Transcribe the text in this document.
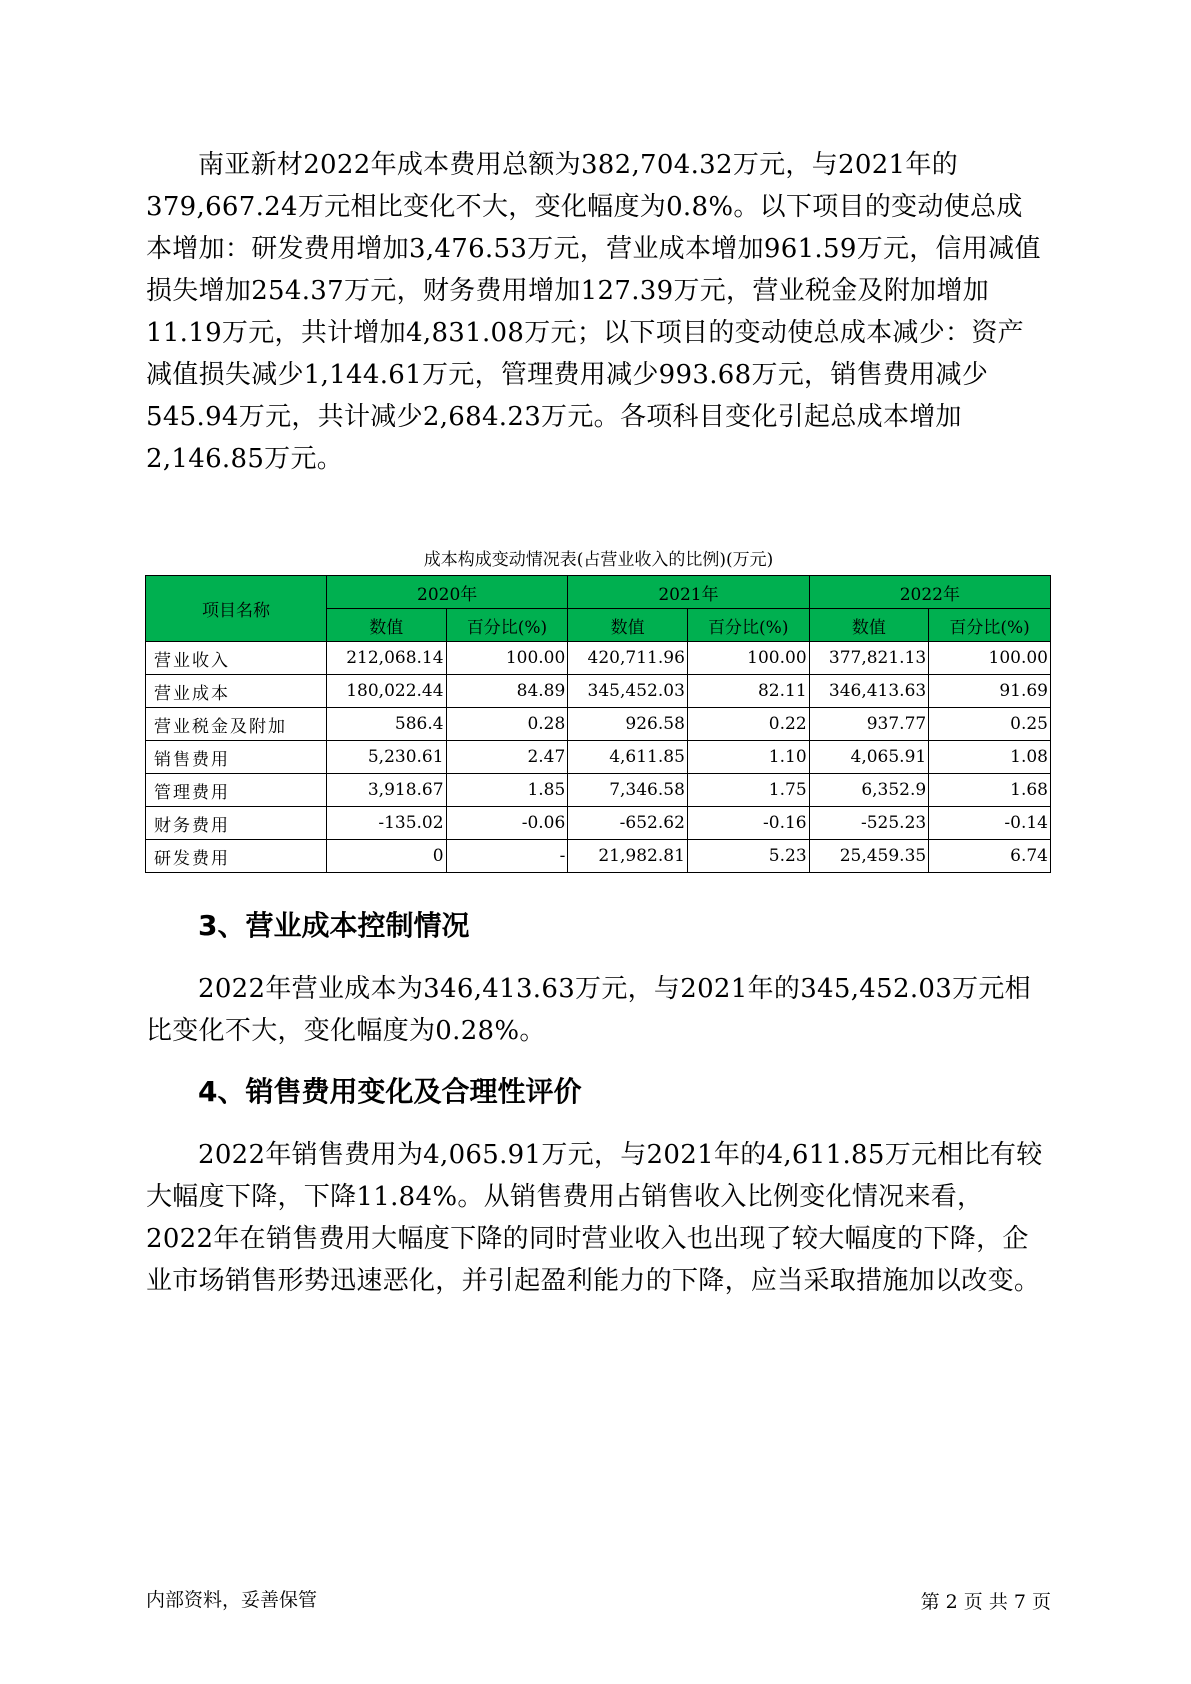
南亚新材2022年成本费用总额为382,704.32万元，与2021年的379,667.24万元相比变化不大，变化幅度为0.8%。以下项目的变动使总成本增加：研发费用增加3,476.53万元，营业成本增加961.59万元，信用减值损失增加254.37万元，财务费用增加127.39万元，营业税金及附加增加11.19万元，共计增加4,831.08万元；以下项目的变动使总成本减少：资产减值损失减少1,144.61万元，管理费用减少993.68万元，销售费用减少545.94万元，共计减少2,684.23万元。各项科目变化引起总成本增加2,146.85万元。

成本构成变动情况表(占营业收入的比例)(万元)
项目名称	2020年		2021年		2022年	
	数值	百分比(%)	数值	百分比(%)	数值	百分比(%)
营业收入	212,068.14	100.00	420,711.96	100.00	377,821.13	100.00
营业成本	180,022.44	84.89	345,452.03	82.11	346,413.63	91.69
营业税金及附加	586.4	0.28	926.58	0.22	937.77	0.25
销售费用	5,230.61	2.47	4,611.85	1.10	4,065.91	1.08
管理费用	3,918.67	1.85	7,346.58	1.75	6,352.9	1.68
财务费用	-135.02	-0.06	-652.62	-0.16	-525.23	-0.14
研发费用	0	-	21,982.81	5.23	25,459.35	6.74
3、营业成本控制情况

2022年营业成本为346,413.63万元，与2021年的345,452.03万元相比变化不大，变化幅度为0.28%。

4、销售费用变化及合理性评价

2022年销售费用为4,065.91万元，与2021年的4,611.85万元相比有较大幅度下降，下降11.84%。从销售费用占销售收入比例变化情况来看，2022年在销售费用大幅度下降的同时营业收入也出现了较大幅度的下降，企业市场销售形势迅速恶化，并引起盈利能力的下降，应当采取措施加以改变。

内部资料，妥善保管	第 2 页 共 7 页
